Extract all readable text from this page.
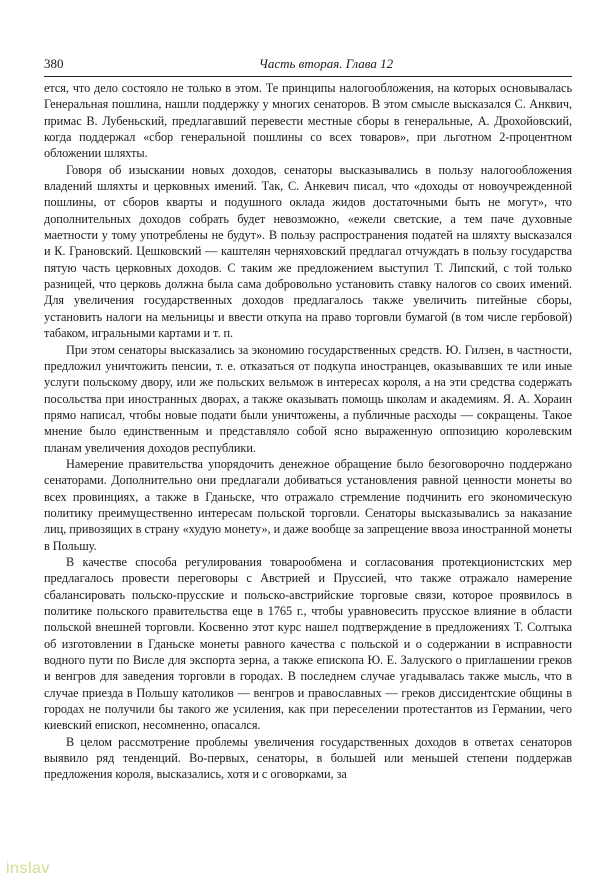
380	Часть вторая. Глава 12

ется, что дело состояло не только в этом. Те принципы налогообложения, на которых основывалась Генеральная пошлина, нашли поддержку у многих сенаторов. В этом смысле высказался С. Анквич, примас В. Лубеньский, предлагавший перевести местные сборы в генеральные, А. Дрохойовский, когда поддержал «сбор генеральной пошлины со всех товаров», при льготном 2-процентном обложении шляхты.

Говоря об изыскании новых доходов, сенаторы высказывались в пользу налогообложения владений шляхты и церковных имений. Так, С. Анкевич писал, что «доходы от новоучрежденной пошлины, от сборов кварты и подушного оклада жидов достаточными быть не могут», что дополнительных доходов собрать будет невозможно, «ежели светские, а тем паче духовные маетности у тому употреблены не будут». В пользу распространения податей на шляхту высказался и К. Грановский. Цешковский — каштелян черняховский предлагал отчуждать в пользу государства пятую часть церковных доходов. С таким же предложением выступил Т. Липский, с той только разницей, что церковь должна была сама добровольно установить ставку налогов со своих имений. Для увеличения государственных доходов предлагалось также увеличить питейные сборы, установить налоги на мельницы и ввести откупа на право торговли бумагой (в том числе гербовой) табаком, игральными картами и т. п.

При этом сенаторы высказались за экономию государственных средств. Ю. Гилзен, в частности, предложил уничтожить пенсии, т. е. отказаться от подкупа иностранцев, оказывавших те или иные услуги польскому двору, или же польских вельмож в интересах короля, а на эти средства содержать посольства при иностранных дворах, а также оказывать помощь школам и академиям. Я. А. Хораин прямо написал, чтобы новые подати были уничтожены, а публичные расходы — сокращены. Такое мнение было единственным и представляло собой ясно выраженную оппозицию королевским планам увеличения доходов республики.

Намерение правительства упорядочить денежное обращение было безоговорочно поддержано сенаторами. Дополнительно они предлагали добиваться установления равной ценности монеты во всех провинциях, а также в Гданьске, что отражало стремление подчинить его экономическую политику преимущественно интересам польской торговли. Сенаторы высказывались за наказание лиц, привозящих в страну «худую монету», и даже вообще за запрещение ввоза иностранной монеты в Польшу.

В качестве способа регулирования товарообмена и согласования протекционистских мер предлагалось провести переговоры с Австрией и Пруссией, что также отражало намерение сбалансировать польско-прусские и польско-австрийские торговые связи, которое проявилось в политике польского правительства еще в 1765 г., чтобы уравновесить прусское влияние в области польской внешней торговли. Косвенно этот курс нашел подтверждение в предложениях Т. Солтыка об изготовлении в Гданьске монеты равного качества с польской и о содержании в исправности водного пути по Висле для экспорта зерна, а также епископа Ю. Е. Залуского о приглашении греков и венгров для заведения торговли в городах. В последнем случае угадывалась также мысль, что в случае приезда в Польшу католиков — венгров и православных — греков диссидентские общины в городах не получили бы такого же усиления, как при переселении протестантов из Германии, чего киевский епископ, несомненно, опасался.

В целом рассмотрение проблемы увеличения государственных доходов в ответах сенаторов выявило ряд тенденций. Во-первых, сенаторы, в большей или меньшей степени поддержав предложения короля, высказались, хотя и с оговорками, за

inslav
